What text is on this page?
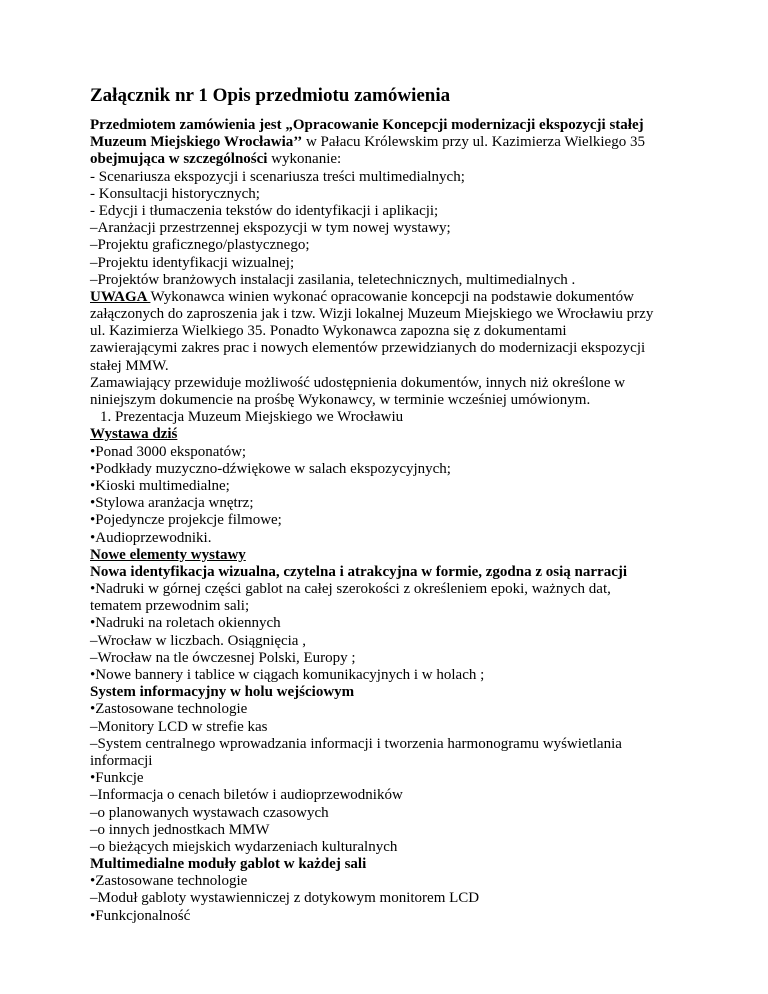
Załącznik nr 1 Opis przedmiotu zamówienia
Przedmiotem zamówienia jest „Opracowanie Koncepcji modernizacji ekspozycji stałej
Muzeum Miejskiego Wrocławia’’ w Pałacu Królewskim przy ul. Kazimierza Wielkiego 35
obejmująca w szczególności wykonanie:
- Scenariusza ekspozycji i scenariusza treści multimedialnych;
- Konsultacji historycznych;
- Edycji i tłumaczenia tekstów do identyfikacji i aplikacji;
–Aranżacji przestrzennej ekspozycji w tym nowej wystawy;
–Projektu graficznego/plastycznego;
–Projektu identyfikacji wizualnej;
–Projektów branżowych instalacji zasilania, teletechnicznych, multimedialnych .
UWAGA Wykonawca winien wykonać opracowanie koncepcji na podstawie dokumentów
załączonych do zaproszenia jak i tzw. Wizji lokalnej Muzeum Miejskiego we Wrocławiu przy
ul. Kazimierza Wielkiego 35. Ponadto Wykonawca zapozna się z dokumentami
zawierającymi zakres prac i nowych elementów przewidzianych do modernizacji ekspozycji
stałej MMW.
Zamawiający przewiduje możliwość udostępnienia dokumentów, innych niż określone w
niniejszym dokumencie na prośbę Wykonawcy, w terminie wcześniej umówionym.
1. Prezentacja Muzeum Miejskiego we Wrocławiu
Wystawa dziś
•Ponad 3000 eksponatów;
•Podkłady muzyczno-dźwiękowe w salach ekspozycyjnych;
•Kioski multimedialne;
•Stylowa aranżacja wnętrz;
•Pojedyncze projekcje filmowe;
•Audioprzewodniki.
Nowe elementy wystawy
Nowa identyfikacja wizualna, czytelna i atrakcyjna w formie, zgodna z osią narracji
•Nadruki w górnej części gablot na całej szerokości z określeniem epoki, ważnych dat,
tematem przewodnim sali;
•Nadruki na roletach okiennych
–Wrocław w liczbach. Osiągnięcia ,
–Wrocław na tle ówczesnej Polski, Europy ;
•Nowe bannery i tablice w ciągach komunikacyjnych i w holach ;
System informacyjny w holu wejściowym
•Zastosowane technologie
–Monitory LCD w strefie kas
–System centralnego wprowadzania informacji i tworzenia harmonogramu wyświetlania
informacji
•Funkcje
–Informacja o cenach biletów i audioprzewodników
–o planowanych wystawach czasowych
–o innych jednostkach MMW
–o bieżących miejskich wydarzeniach kulturalnych
Multimedialne moduły gablot w każdej sali
•Zastosowane technologie
–Moduł gabloty wystawienniczej z dotykowym monitorem LCD
•Funkcjonalność
